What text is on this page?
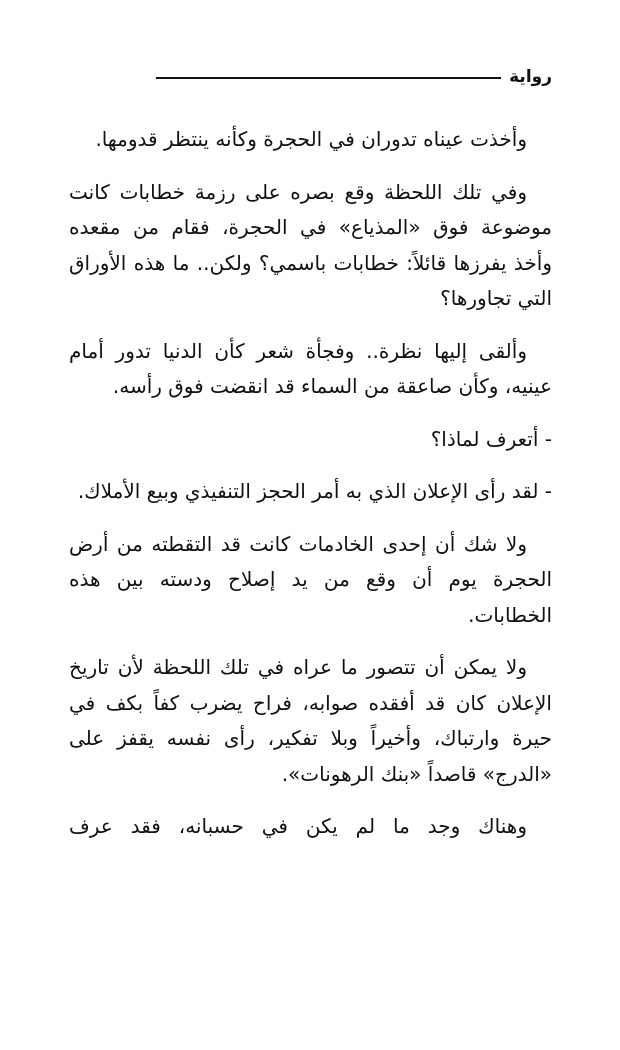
رواية

وأخذت عيناه تدوران في الحجرة وكأنه ينتظر قدومها.

وفي تلك اللحظة وقع بصره على رزمة خطابات كانت موضوعة فوق «المذياع» في الحجرة، فقام من مقعده وأخذ يفرزها قائلاً: خطابات باسمي؟ ولكن.. ما هذه الأوراق التي تجاورها؟

وألقى إليها نظرة.. وفجأة شعر كأن الدنيا تدور أمام عينيه، وكأن صاعقة من السماء قد انقضت فوق رأسه.

- أتعرف لماذا؟

- لقد رأى الإعلان الذي به أمر الحجز التنفيذي وبيع الأملاك.

ولا شك أن إحدى الخادمات كانت قد التقطته من أرض الحجرة يوم أن وقع من يد إصلاح ودسته بين هذه الخطابات.

ولا يمكن أن تتصور ما عراه في تلك اللحظة لأن تاريخ الإعلان كان قد أفقده صوابه، فراح يضرب كفاً بكف في حيرة وارتباك، وأخيراً وبلا تفكير، رأى نفسه يقفز على «الدرج» قاصداً «بنك الرهونات».

وهناك وجد ما لم يكن في حسبانه، فقد عرف
